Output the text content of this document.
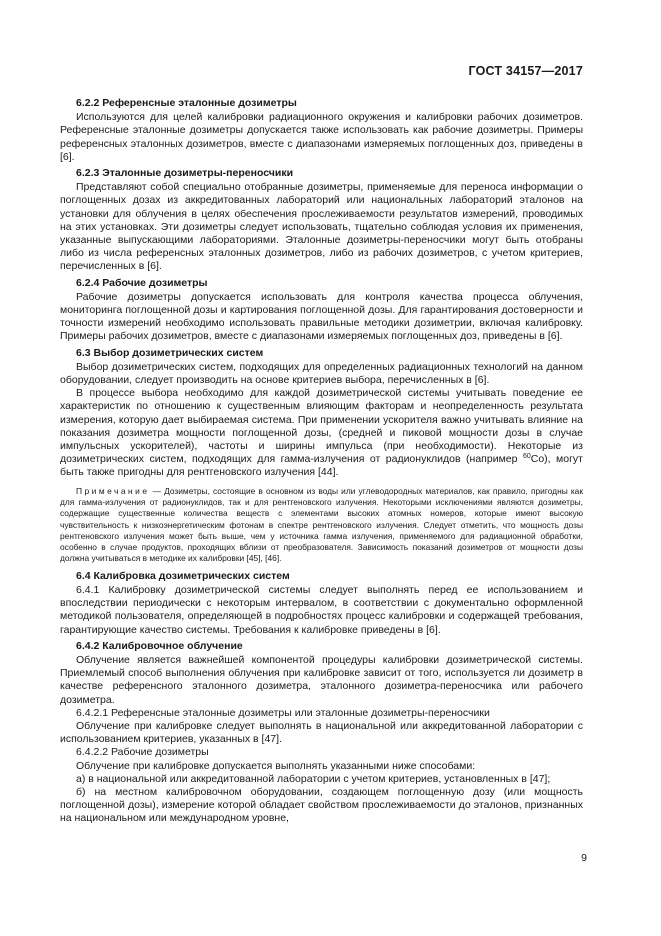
ГОСТ 34157—2017
6.2.2 Референсные эталонные дозиметры

Используются для целей калибровки радиационного окружения и калибровки рабочих дозиметров. Референсные эталонные дозиметры допускается также использовать как рабочие дозиметры. Примеры референсных эталонных дозиметров, вместе с диапазонами измеряемых поглощенных доз, приведены в [6].

6.2.3 Эталонные дозиметры-переносчики

Представляют собой специально отобранные дозиметры, применяемые для переноса информации о поглощенных дозах из аккредитованных лабораторий или национальных лабораторий эталонов на установки для облучения в целях обеспечения прослеживаемости результатов измерений, проводимых на этих установках. Эти дозиметры следует использовать, тщательно соблюдая условия их применения, указанные выпускающими лабораториями. Эталонные дозиметры-переносчики могут быть отобраны либо из числа референсных эталонных дозиметров, либо из рабочих дозиметров, с учетом критериев, перечисленных в [6].

6.2.4 Рабочие дозиметры

Рабочие дозиметры допускается использовать для контроля качества процесса облучения, мониторинга поглощенной дозы и картирования поглощенной дозы. Для гарантирования достоверности и точности измерений необходимо использовать правильные методики дозиметрии, включая калибровку. Примеры рабочих дозиметров, вместе с диапазонами измеряемых поглощенных доз, приведены в [6].

6.3 Выбор дозиметрических систем

Выбор дозиметрических систем, подходящих для определенных радиационных технологий на данном оборудовании, следует производить на основе критериев выбора, перечисленных в [6].

В процессе выбора необходимо для каждой дозиметрической системы учитывать поведение ее характеристик по отношению к существенным влияющим факторам и неопределенность результата измерения, которую дает выбираемая система. При применении ускорителя важно учитывать влияние на показания дозиметра мощности поглощенной дозы, (средней и пиковой мощности дозы в случае импульсных ускорителей), частоты и ширины импульса (при необходимости). Некоторые из дозиметрических систем, подходящих для гамма-излучения от радионуклидов (например $^{60}$Co), могут быть также пригодны для рентгеновского излучения [44].

Примечание — Дозиметры, состоящие в основном из воды или углеводородных материалов, как правило, пригодны как для гамма-излучения от радионуклидов, так и для рентгеновского излучения. Некоторыми исключениями являются дозиметры, содержащие существенные количества веществ с элементами высоких атомных номеров, которые имеют высокую чувствительность к низкоэнергетическим фотонам в спектре рентгеновского излучения. Следует отметить, что мощность дозы рентгеновского излучения может быть выше, чем у источника гамма излучения, применяемого для радиационной обработки, особенно в случае продуктов, проходящих вблизи от преобразователя. Зависимость показаний дозиметров от мощности дозы должна учитываться в методике их калибровки [45], [46].

6.4 Калибровка дозиметрических систем

6.4.1 Калибровку дозиметрической системы следует выполнять перед ее использованием и впоследствии периодически с некоторым интервалом, в соответствии с документально оформленной методикой пользователя, определяющей в подробностях процесс калибровки и содержащей требования, гарантирующие качество системы. Требования к калибровке приведены в [6].

6.4.2 Калибровочное облучение

Облучение является важнейшей компонентой процедуры калибровки дозиметрической системы. Приемлемый способ выполнения облучения при калибровке зависит от того, используется ли дозиметр в качестве референсного эталонного дозиметра, эталонного дозиметра-переносчика или рабочего дозиметра.

6.4.2.1 Референсные эталонные дозиметры или эталонные дозиметры-переносчики

Облучение при калибровке следует выполнять в национальной или аккредитованной лаборатории с использованием критериев, указанных в [47].

6.4.2.2 Рабочие дозиметры

Облучение при калибровке допускается выполнять указанными ниже способами:

а) в национальной или аккредитованной лаборатории с учетом критериев, установленных в [47];

б) на местном калибровочном оборудовании, создающем поглощенную дозу (или мощность поглощенной дозы), измерение которой обладает свойством прослеживаемости до эталонов, признанных на национальном или международном уровне,

9
